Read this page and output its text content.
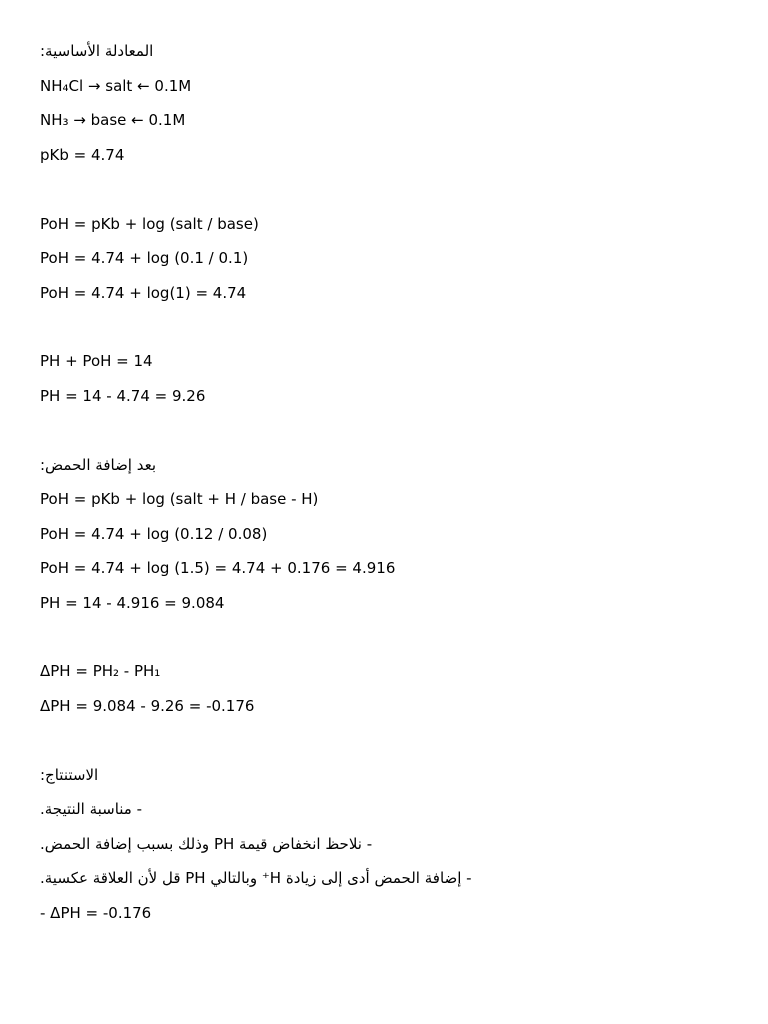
المعادلة الأساسية:
NH₄Cl → salt ← 0.1M
NH₃ → base ← 0.1M
pKb = 4.74
PoH = pKb + log (salt / base)
PoH = 4.74 + log (0.1 / 0.1)
PoH = 4.74 + log(1) = 4.74
PH + PoH = 14
PH = 14 - 4.74 = 9.26
بعد إضافة الحمض:
PoH = pKb + log (salt + H / base - H)
PoH = 4.74 + log (0.12 / 0.08)
PoH = 4.74 + log (1.5) = 4.74 + 0.176 = 4.916
PH = 14 - 4.916 = 9.084
ΔPH = PH₂ - PH₁
ΔPH = 9.084 - 9.26 = -0.176
الاستنتاج:
- مناسبة النتيجة.
- نلاحظ انخفاض قيمة PH وذلك بسبب إضافة الحمض.
- إضافة الحمض أدى إلى زيادة H⁺ وبالتالي PH قل لأن العلاقة عكسية.
- ΔPH = -0.176
